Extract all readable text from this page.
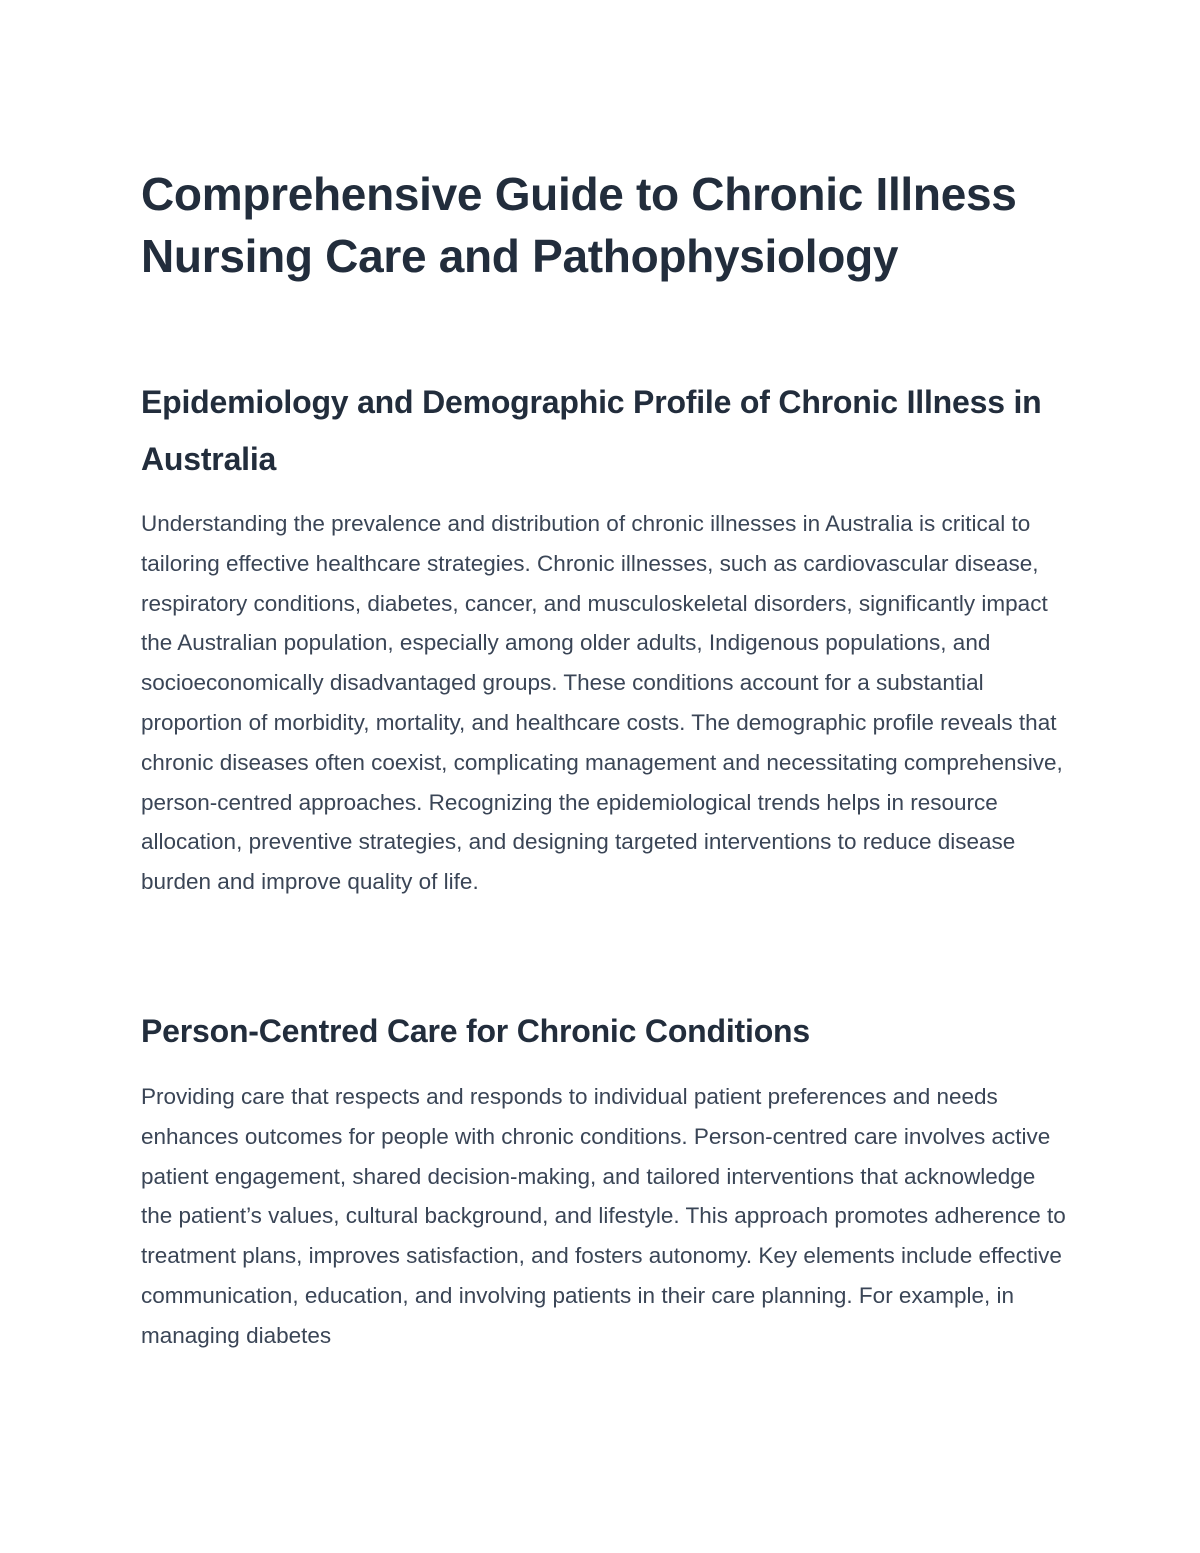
Comprehensive Guide to Chronic Illness Nursing Care and Pathophysiology
Epidemiology and Demographic Profile of Chronic Illness in Australia

Understanding the prevalence and distribution of chronic illnesses in Australia is critical to tailoring effective healthcare strategies. Chronic illnesses, such as cardiovascular disease, respiratory conditions, diabetes, cancer, and musculoskeletal disorders, significantly impact the Australian population, especially among older adults, Indigenous populations, and socioeconomically disadvantaged groups. These conditions account for a substantial proportion of morbidity, mortality, and healthcare costs. The demographic profile reveals that chronic diseases often coexist, complicating management and necessitating comprehensive, person-centred approaches. Recognizing the epidemiological trends helps in resource allocation, preventive strategies, and designing targeted interventions to reduce disease burden and improve quality of life.

Person-Centred Care for Chronic Conditions

Providing care that respects and responds to individual patient preferences and needs enhances outcomes for people with chronic conditions. Person-centred care involves active patient engagement, shared decision-making, and tailored interventions that acknowledge the patient’s values, cultural background, and lifestyle. This approach promotes adherence to treatment plans, improves satisfaction, and fosters autonomy. Key elements include effective communication, education, and involving patients in their care planning. For example, in managing diabetes
